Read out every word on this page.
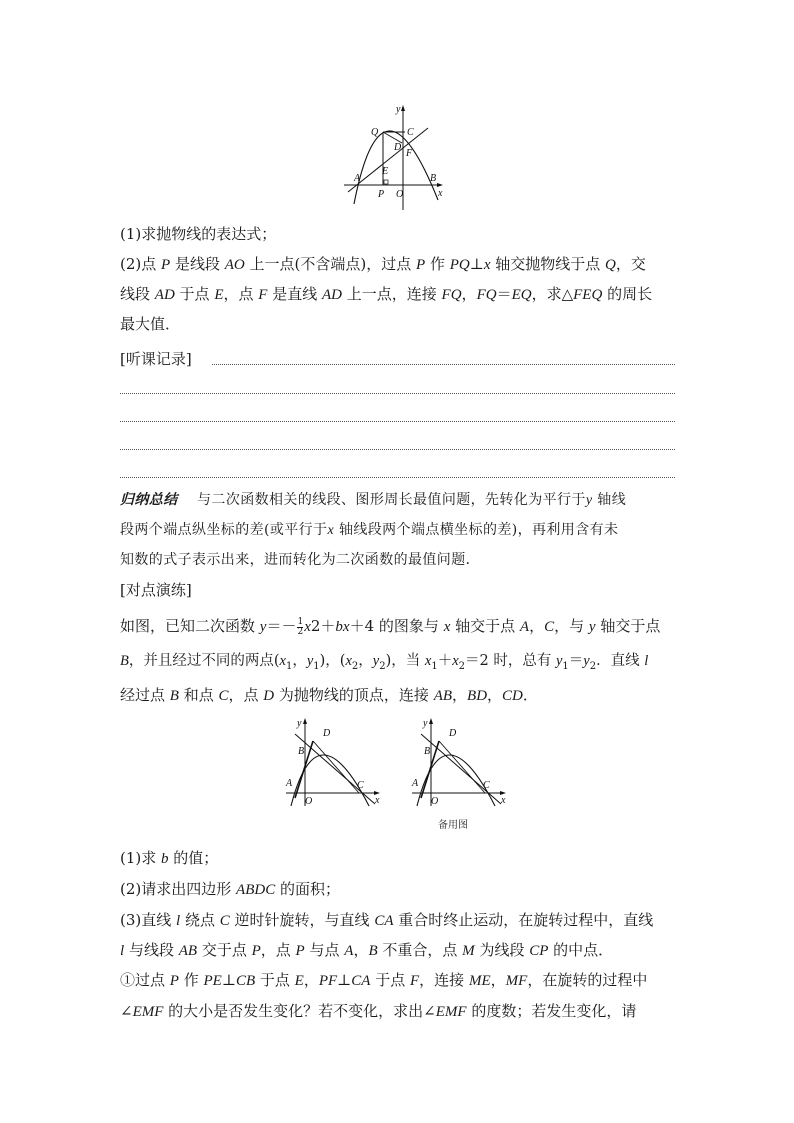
y
Q	C
D
F
E
A
P O
B
x
(1)求抛物线的表达式；
(2)点 P 是线段 AO 上一点(不含端点)，过点 P 作 PQ⊥x 轴交抛物线于点 Q，交
线段 AD 于点 E，点 F 是直线 AD 上一点，连接 FQ，FQ＝EQ，求△FEQ 的周长
最大值．
[听课记录]
归纳总结 与二次函数相关的线段、图形周长最值问题，先转化为平行于y 轴线
段两个端点纵坐标的差(或平行于x 轴线段两个端点横坐标的差)，再利用含有未
知数的式子表示出来，进而转化为二次函数的最值问题．
[对点演练]
如图，已知二次函数 $y=- \frac{1}{2} x2+bx+4$ 的图象与 x 轴交于点 A，C，与 y 轴交于点
B，并且经过不同的两点($x_1$，$y_1$)，($x_2$，$y_2$)，当 $x_1+x_2=2$ 时，总有 $y_1=y_2$．直线 l
经过点 B 和点 C，点 D 为抛物线的顶点，连接 AB，BD，CD．
y
D
B
A
O
C
x
y
D
B
A
O
C
x
备用图
(1)求 b 的值；
(2)请求出四边形 ABDC 的面积；
(3)直线 l 绕点 C 逆时针旋转，与直线 CA 重合时终止运动，在旋转过程中，直线
l 与线段 AB 交于点 P，点 P 与点 A，B 不重合，点 M 为线段 CP 的中点．
①过点 P 作 PE⊥CB 于点 E，PF⊥CA 于点 F，连接 ME，MF，在旋转的过程中
∠EMF 的大小是否发生变化？若不变化，求出∠EMF 的度数；若发生变化，请
